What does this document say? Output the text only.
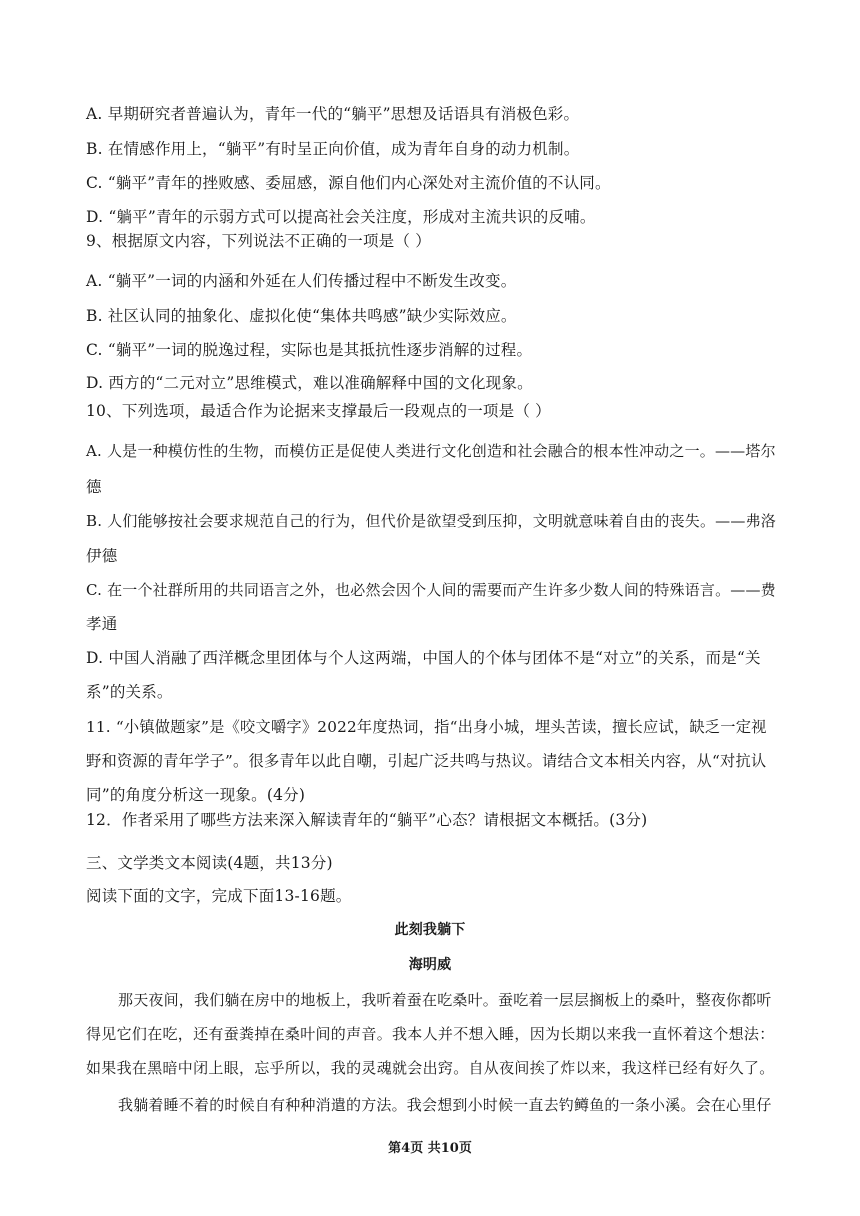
A. 早期研究者普遍认为，青年一代的“躺平”思想及话语具有消极色彩。
B. 在情感作用上，“躺平”有时呈正向价值，成为青年自身的动力机制。
C. “躺平”青年的挫败感、委屈感，源自他们内心深处对主流价值的不认同。
D. “躺平”青年的示弱方式可以提高社会关注度，形成对主流共识的反哺。
9、根据原文内容，下列说法不正确的一项是（ ）
A. “躺平”一词的内涵和外延在人们传播过程中不断发生改变。
B. 社区认同的抽象化、虚拟化使“集体共鸣感”缺少实际效应。
C. “躺平”一词的脱逸过程，实际也是其抵抗性逐步消解的过程。
D. 西方的“二元对立”思维模式，难以准确解释中国的文化现象。
10、下列选项，最适合作为论据来支撑最后一段观点的一项是（ ）
A. 人是一种模仿性的生物，而模仿正是促使人类进行文化创造和社会融合的根本性冲动之一。——塔尔
德
B. 人们能够按社会要求规范自己的行为，但代价是欲望受到压抑，文明就意味着自由的丧失。——弗洛
伊德
C. 在一个社群所用的共同语言之外，也必然会因个人间的需要而产生许多少数人间的特殊语言。——费
孝通
D. 中国人消融了西洋概念里团体与个人这两端，中国人的个体与团体不是“对立”的关系，而是“关
系”的关系。
11. “小镇做题家”是《咬文嚼字》2022年度热词，指“出身小城，埋头苦读，擅长应试，缺乏一定视
野和资源的青年学子”。很多青年以此自嘲，引起广泛共鸣与热议。请结合文本相关内容，从“对抗认
同”的角度分析这一现象。(4分)
12．作者采用了哪些方法来深入解读青年的“躺平”心态？请根据文本概括。(3分)
三、文学类文本阅读(4题，共13分)
阅读下面的文字，完成下面13-16题。
此刻我躺下
海明威
那天夜间，我们躺在房中的地板上，我听着蚕在吃桑叶。蚕吃着一层层搁板上的桑叶，整夜你都听
得见它们在吃，还有蚕粪掉在桑叶间的声音。我本人并不想入睡，因为长期以来我一直怀着这个想法：
如果我在黑暗中闭上眼，忘乎所以，我的灵魂就会出窍。自从夜间挨了炸以来，我这样已经有好久了。
我躺着睡不着的时候自有种种消遣的方法。我会想到小时候一直去钓鳟鱼的一条小溪。会在心里仔
第4页 共10页
